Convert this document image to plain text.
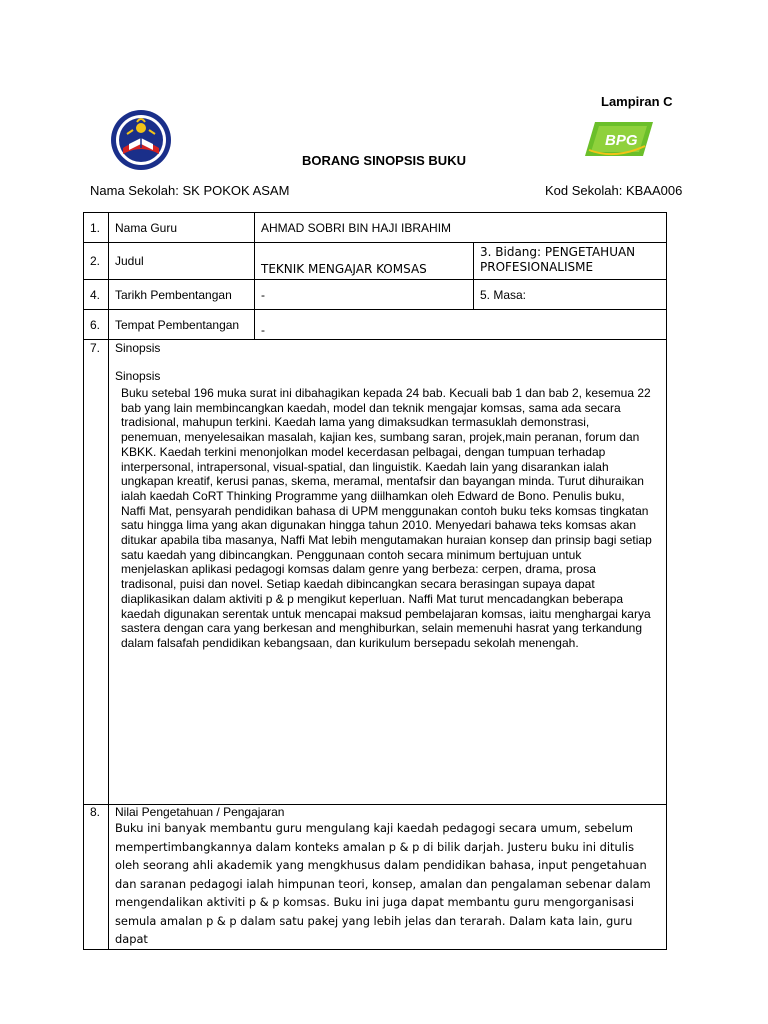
Lampiran C
BPG
BORANG SINOPSIS BUKU
Nama Sekolah: SK POKOK ASAM	Kod Sekolah: KBAA006
1.	Nama Guru	AHMAD SOBRI BIN HAJI IBRAHIM	
2.	Judul	TEKNIK MENGAJAR KOMSAS	3. Bidang: PENGETAHUAN PROFESIONALISME
4.	Tarikh Pembentangan	-	5. Masa:
6.	Tempat Pembentangan	-	
7.	Sinopsis
Sinopsis
Buku setebal 196 muka surat ini dibahagikan kepada 24 bab. Kecuali bab 1 dan bab 2, kesemua 22 bab yang lain membincangkan kaedah, model dan teknik mengajar komsas, sama ada secara tradisional, mahupun terkini. Kaedah lama yang dimaksudkan termasuklah demonstrasi, penemuan, menyelesaikan masalah, kajian kes, sumbang saran, projek,main peranan, forum dan KBKK. Kaedah terkini menonjolkan model kecerdasan pelbagai, dengan tumpuan terhadap interpersonal, intrapersonal, visual-spatial, dan linguistik. Kaedah lain yang disarankan ialah ungkapan kreatif, kerusi panas, skema, meramal, mentafsir dan bayangan minda. Turut dihuraikan ialah kaedah CoRT Thinking Programme yang diilhamkan oleh Edward de Bono. Penulis buku, Naffi Mat, pensyarah pendidikan bahasa di UPM menggunakan contoh buku teks komsas tingkatan satu hingga lima yang akan digunakan hingga tahun 2010. Menyedari bahawa teks komsas akan ditukar apabila tiba masanya, Naffi Mat lebih mengutamakan huraian konsep dan prinsip bagi setiap satu kaedah yang dibincangkan. Penggunaan contoh secara minimum bertujuan untuk menjelaskan aplikasi pedagogi komsas dalam genre yang berbeza: cerpen, drama, prosa tradisonal, puisi dan novel. Setiap kaedah dibincangkan secara berasingan supaya dapat diaplikasikan dalam aktiviti p & p mengikut keperluan. Naffi Mat turut mencadangkan beberapa kaedah digunakan serentak untuk mencapai maksud pembelajaran komsas, iaitu menghargai karya sastera dengan cara yang berkesan and menghiburkan, selain memenuhi hasrat yang terkandung dalam falsafah pendidikan kebangsaan, dan kurikulum bersepadu sekolah menengah.		

8.	Nilai Pengetahuan / Pengajaran
Buku ini banyak membantu guru mengulang kaji kaedah pedagogi secara umum, sebelum mempertimbangkannya dalam konteks amalan p & p di bilik darjah. Justeru buku ini ditulis oleh seorang ahli akademik yang mengkhusus dalam pendidikan bahasa, input pengetahuan dan saranan pedagogi ialah himpunan teori, konsep, amalan dan pengalaman sebenar dalam mengendalikan aktiviti p & p komsas. Buku ini juga dapat membantu guru mengorganisasi semula amalan p & p dalam satu pakej yang lebih jelas dan terarah. Dalam kata lain, guru dapat		
